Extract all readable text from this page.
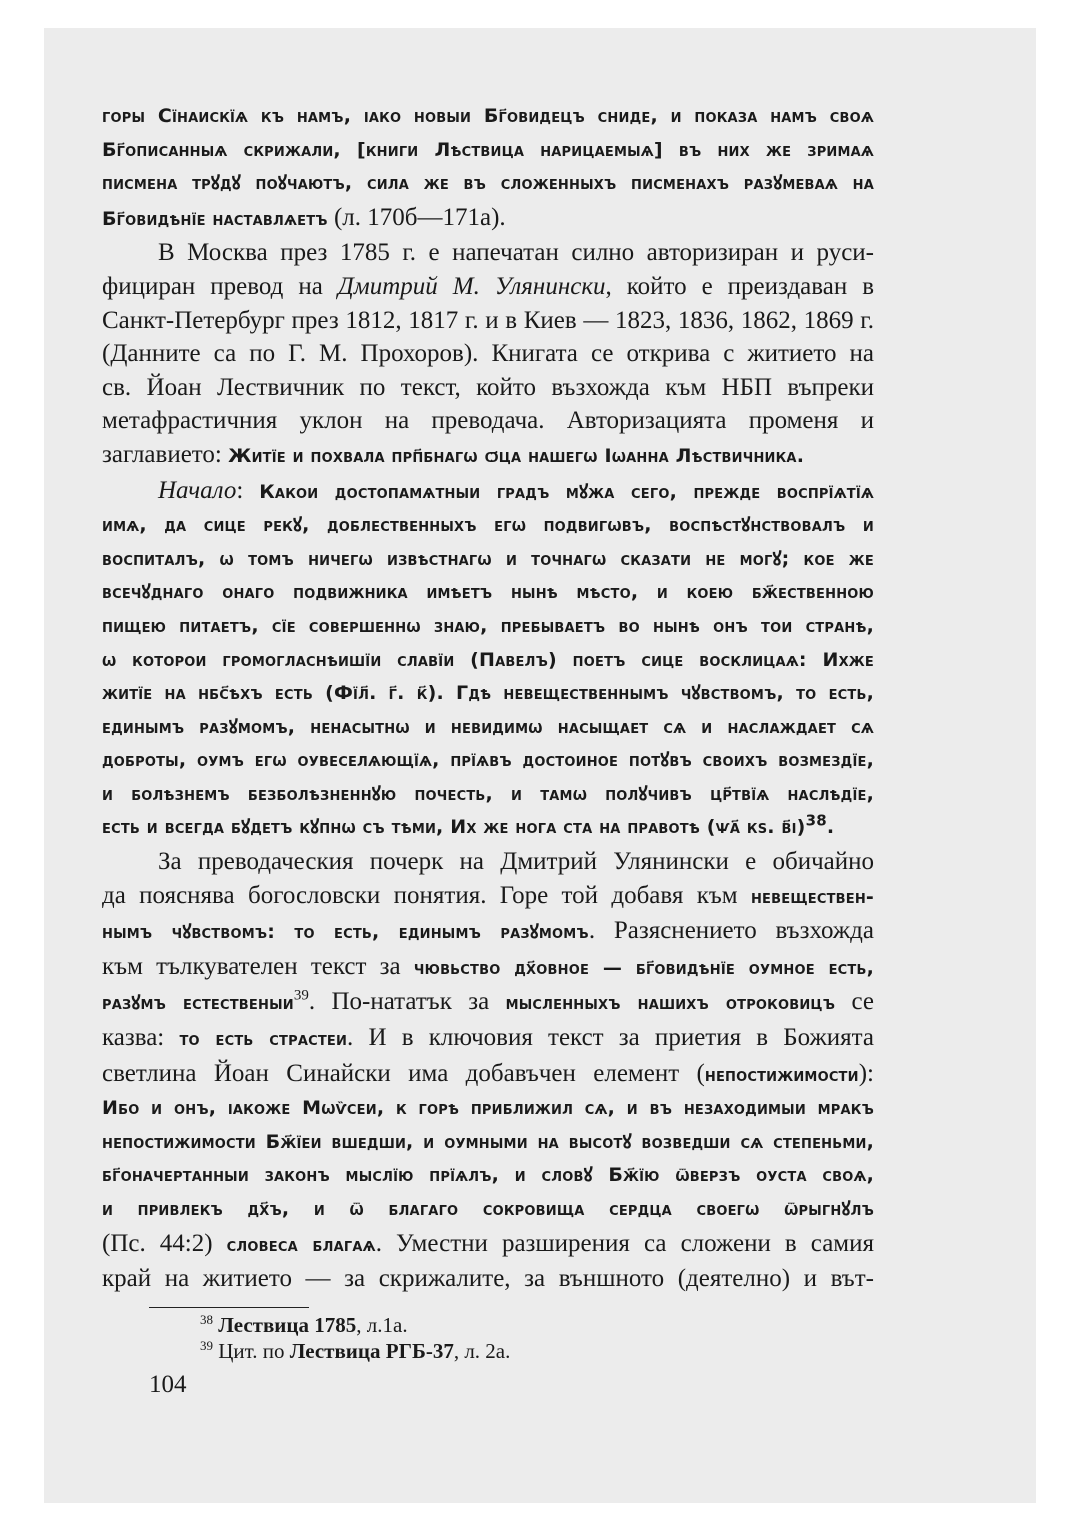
горы Сїнаискїѧ къ намъ, ıако новыи Бг҃овидецъ сниде, и показа намъ своѧ

Бг҃описанныѧ скрижали, [книги Лѣствица нарицаемыѧ] въ них же зримаѧ

писмена трꙋдꙋ поꙋчаютъ, сила же въ сложенныхъ писменахъ разꙋмеваѧ на

Бг҃овидѣнїе наставлѧетъ (л. 170б—171а).

В Москва през 1785 г. е напечатан силно авторизиран и руси-

фициран превод на Дмитрий М. Улянински, който е преиздаван в

Санкт-Петербург през 1812, 1817 г. и в Киев — 1823, 1836, 1862, 1869 г.

(Данните са по Г. М. Прохоров). Книгата се открива с житието на

св. Йоан Лествичник по текст, който възхожда към НБП въпреки

метафрастичния уклон на преводача. Авторизацията променя и

заглавието: Житїе и похвала прп҃бнагѡ ѻ҃ца нашегѡ Іѡанна Лѣствичника.

Начало: Какои достопамѧтныи градъ мꙋжа сего, прежде воспрїѧтїѧ

имѧ, да сице рекꙋ, доблественныхъ егѡ подвигѡвъ, воспѣстꙋнствовалъ и

воспиталъ, ѡ томъ ничегѡ извѣстнагѡ и точнагѡ сказати не могꙋ; кое же

всечꙋднаго онаго подвижника имѣетъ нынѣ мѣсто, и коею бж҃ественною

пищею питаетъ, сїе совершеннѡ знаю, пребываетъ во нынѣ онъ тои странѣ,

ѡ которои громогласнѣишїи славїи (Павелъ) поетъ сице восклицаѧ: Ихже

житїе на нбс҃ѣхъ есть (Фїл҃. г҃. к҃). Гдѣ невещественнымъ чꙋвствомъ, то есть,

единымъ разꙋмомъ, ненасытнѡ и невидимѡ насыщает сѧ и наслаждает сѧ

доброты, оумъ егѡ оувеселѧющїѧ, прїѧвъ достоиное потꙋвъ своихъ возмездїе,

и болѣзнемъ безболѣзненнꙋю почесть, и тамѡ полꙋчивъ цр҃твїѧ наслѣдїе,

есть и всегда бꙋдетъ кꙋпнѡ съ тѣми, Их же нога ста на правотѣ (ѱа҃ кѕ. в҃і)$^{38}$.

За преводаческия почерк на Дмитрий Улянински е обичайно

да пояснява богословски понятия. Горе той добавя към невеществен-

нымъ чꙋвствомъ: то есть, единымъ разꙋмомъ. Разяснението възхожда

към тълкувателен текст за чювьство дх҃овное — бг҃овидѣнїе оумное есть,

разꙋмъ естественыи$^{39}$. По-нататък за мысленныхъ нашихъ отроковицъ се

казва: то есть страстеи. И в ключовия текст за приетия в Божията

светлина Йоан Синайски има добавъчен елемент (непостижимости):

Ибо и онъ, ıакоже Мѡѷсеи, к горѣ приближил сѧ, и въ незаходимыи мракъ

непостижимости Бж҃їеи вшедши, и оумными на высотꙋ возведши сѧ степеньми,

бг҃оначертанныи законъ мыслїю прїѧлъ, и словꙋ Бж҃їю ѿверзъ оуста своѧ,

и привлекъ дх҃ъ, и ѿ благаго сокровища сердца своегѡ ѿрыгнꙋлъ

(Пс. 44:2) словеса благаѧ. Уместни разширения са сложени в самия

край на житието — за скрижалите, за външното (деятелно) и вът-

$^{38}$ Лествица 1785, л.1а.

$^{39}$ Цит. по Лествица РГБ-37, л. 2а.

104
